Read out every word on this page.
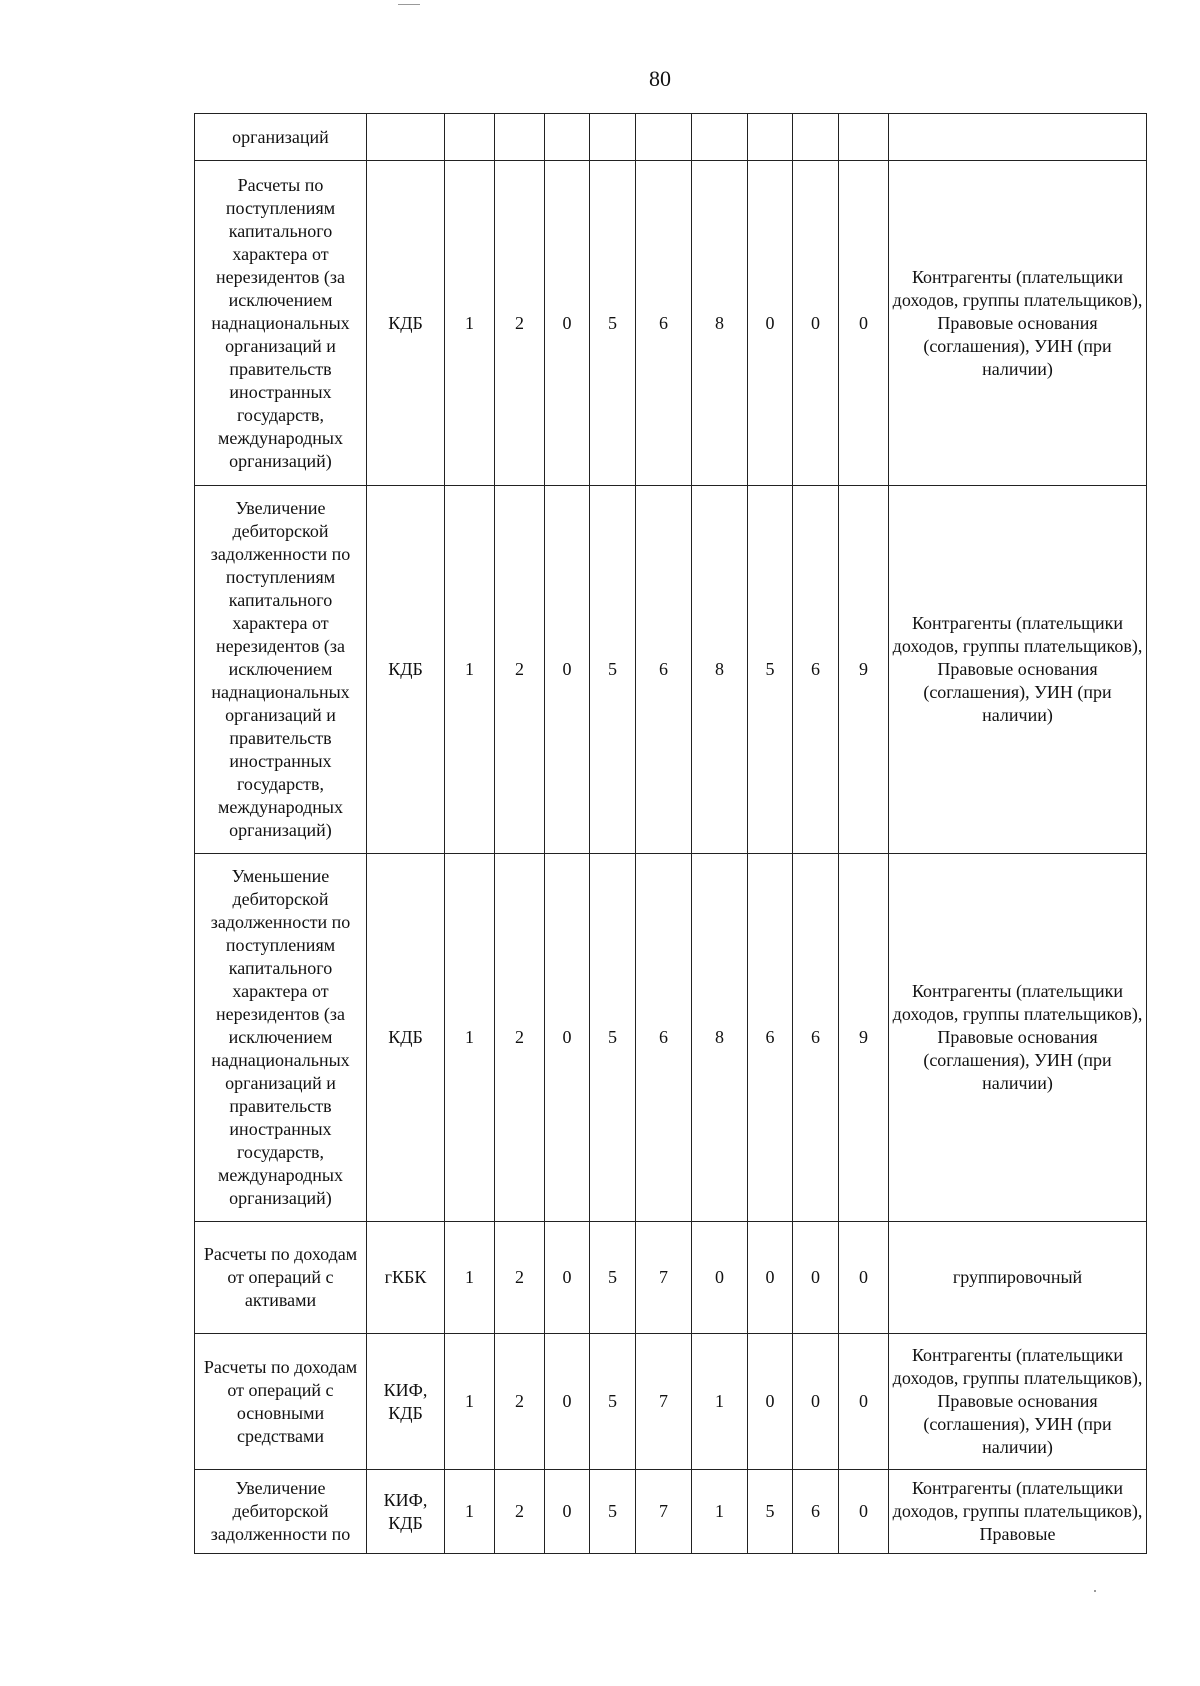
80
организаций											
Расчеты по поступлениям капитального характера от нерезидентов (за исключением наднациональных организаций и правительств иностранных государств, международных организаций)	КДБ	1	2	0	5	6	8	0	0	0	Контрагенты (плательщики доходов, группы плательщиков), Правовые основания (соглашения), УИН (при наличии)
Увеличение дебиторской задолженности по поступлениям капитального характера от нерезидентов (за исключением наднациональных организаций и правительств иностранных государств, международных организаций)	КДБ	1	2	0	5	6	8	5	6	9	Контрагенты (плательщики доходов, группы плательщиков), Правовые основания (соглашения), УИН (при наличии)
Уменьшение дебиторской задолженности по поступлениям капитального характера от нерезидентов (за исключением наднациональных организаций и правительств иностранных государств, международных организаций)	КДБ	1	2	0	5	6	8	6	6	9	Контрагенты (плательщики доходов, группы плательщиков), Правовые основания (соглашения), УИН (при наличии)
Расчеты по доходам от операций с активами	гКБК	1	2	0	5	7	0	0	0	0	группировочный
Расчеты по доходам от операций с основными средствами	КИФ, КДБ	1	2	0	5	7	1	0	0	0	Контрагенты (плательщики доходов, группы плательщиков), Правовые основания (соглашения), УИН (при наличии)
Увеличение дебиторской задолженности по	КИФ, КДБ	1	2	0	5	7	1	5	6	0	Контрагенты (плательщики доходов, группы плательщиков), Правовые
